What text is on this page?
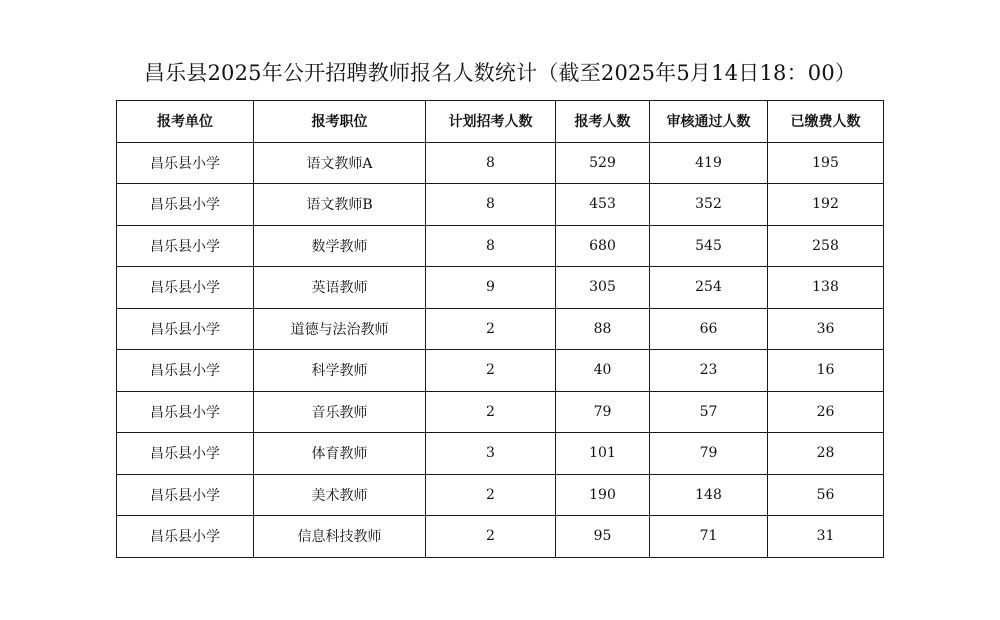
昌乐县2025年公开招聘教师报名人数统计（截至2025年5月14日18：00）
报考单位	报考职位	计划招考人数	报考人数	审核通过人数	已缴费人数
昌乐县小学	语文教师A	8	529	419	195
昌乐县小学	语文教师B	8	453	352	192
昌乐县小学	数学教师	8	680	545	258
昌乐县小学	英语教师	9	305	254	138
昌乐县小学	道德与法治教师	2	88	66	36
昌乐县小学	科学教师	2	40	23	16
昌乐县小学	音乐教师	2	79	57	26
昌乐县小学	体育教师	3	101	79	28
昌乐县小学	美术教师	2	190	148	56
昌乐县小学	信息科技教师	2	95	71	31
